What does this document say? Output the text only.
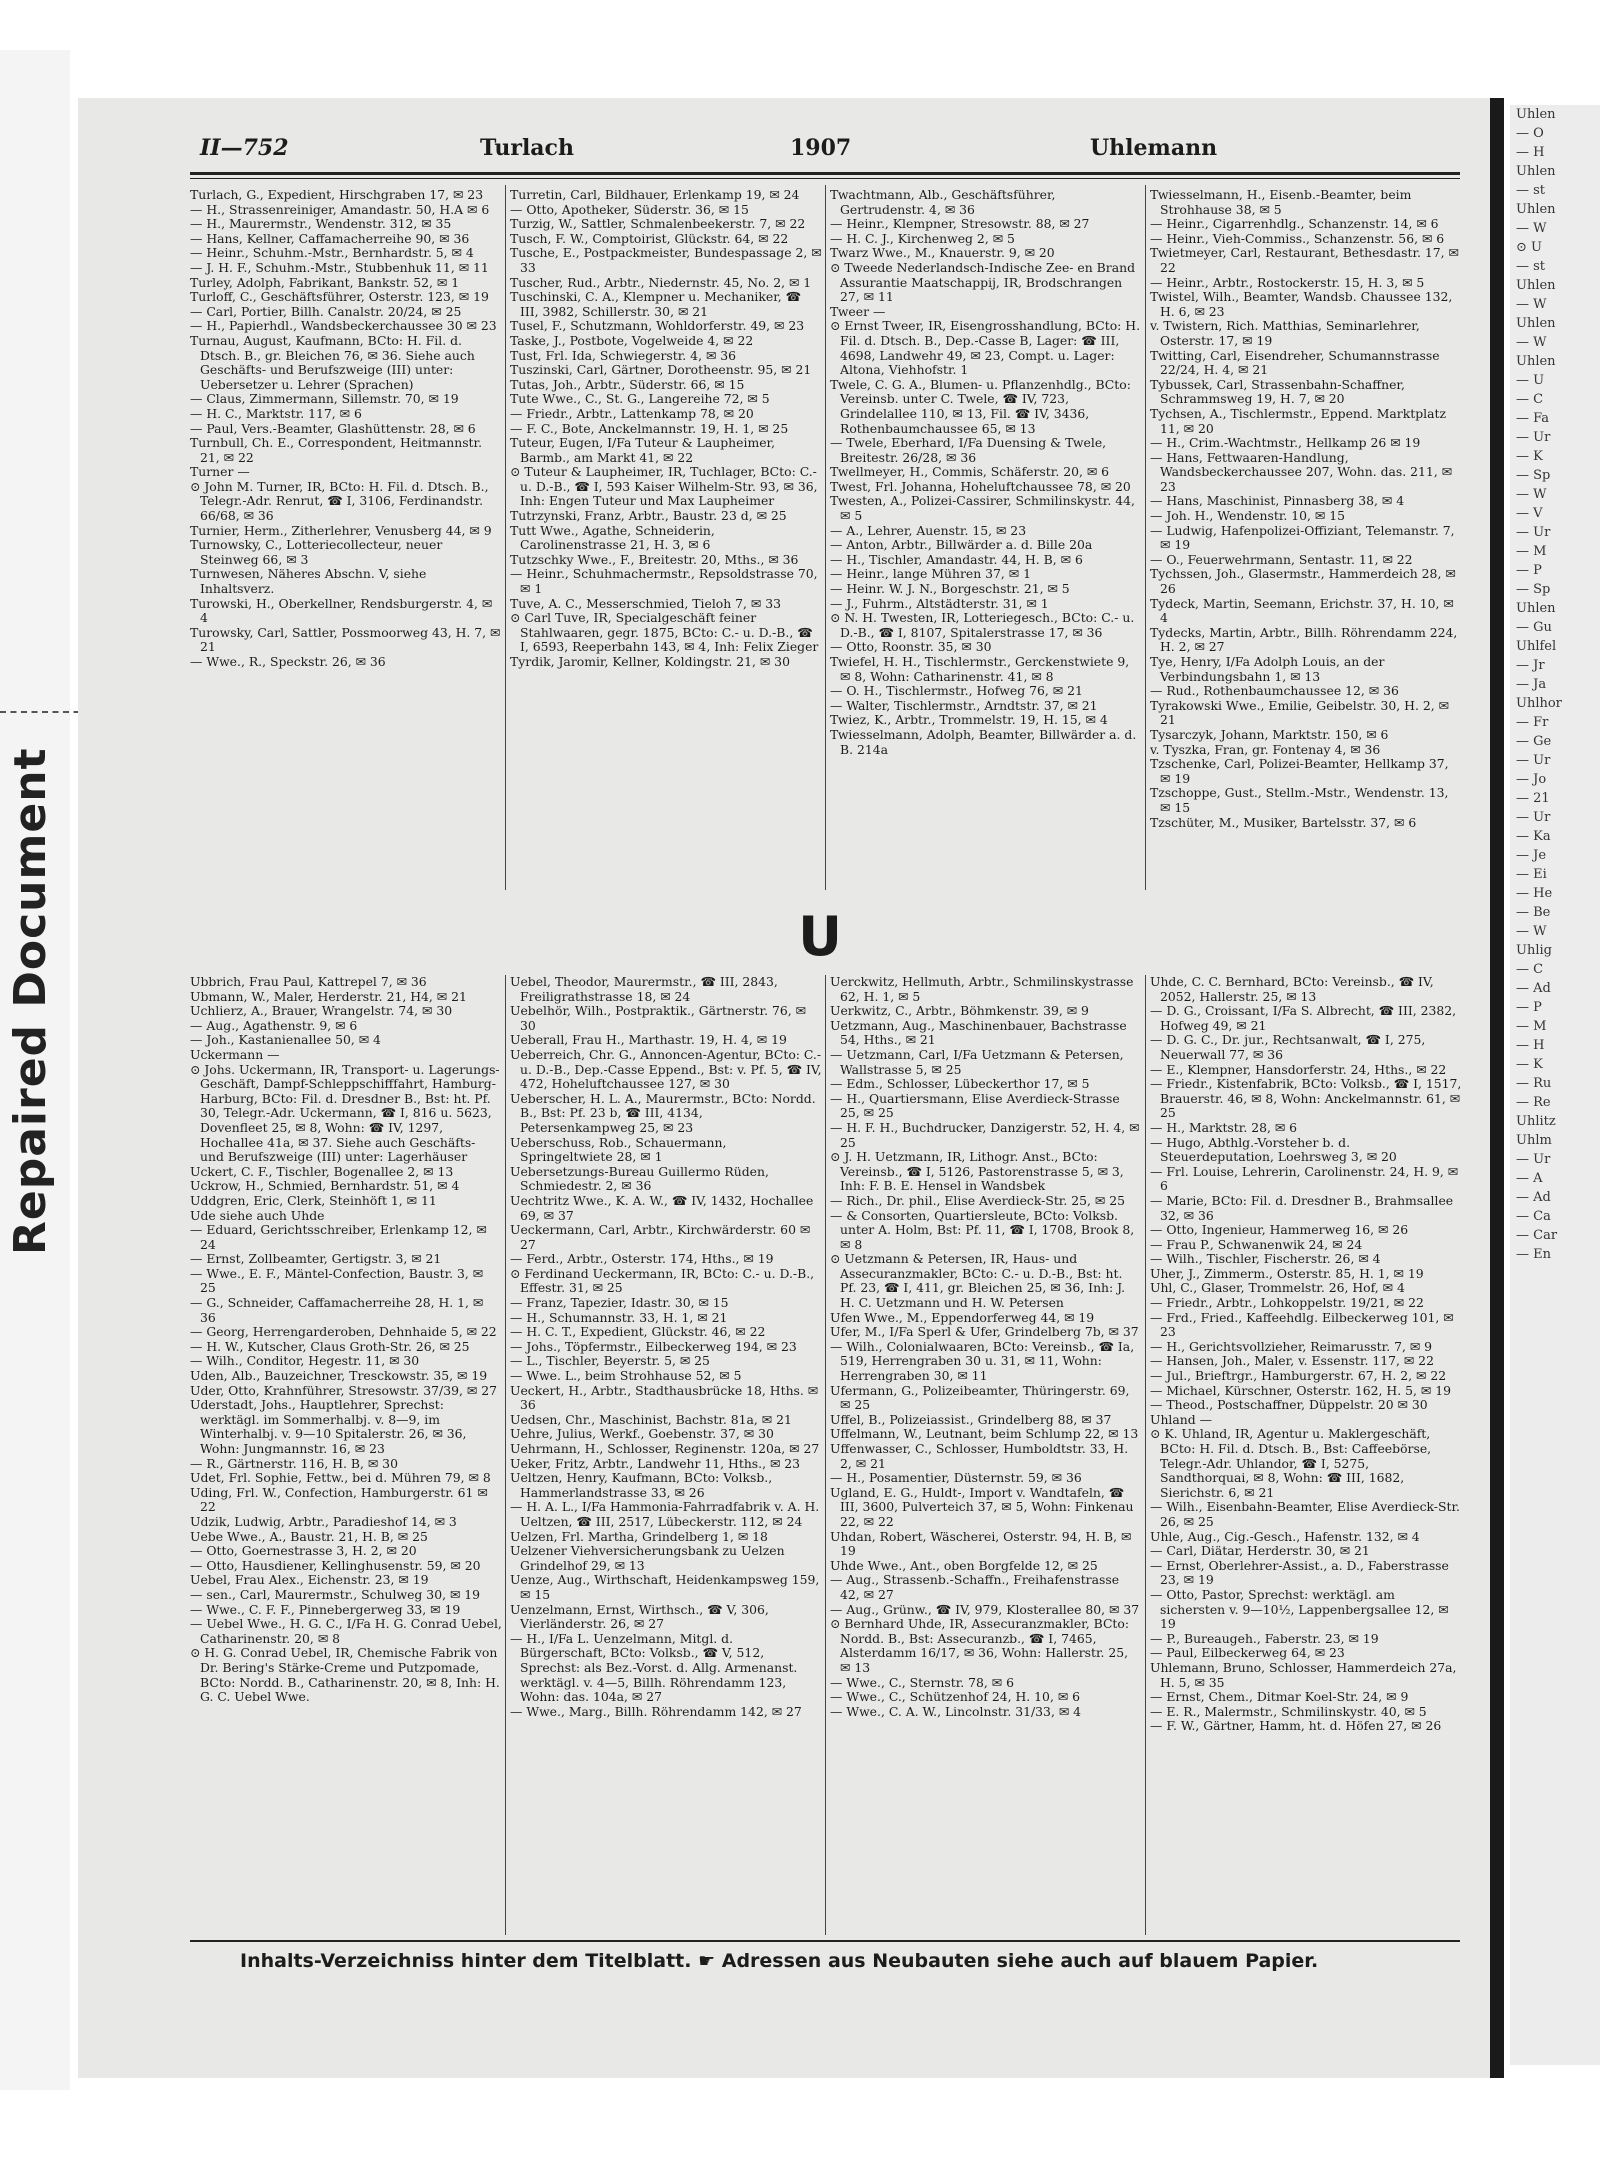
Repaired Document
Uhlen
— O
— H
Uhlen
— st
Uhlen
— W
⊙ U
— st
Uhlen
— W
Uhlen
— W
Uhlen
— U
— C
— Fa
— Ur
— K
— Sp
— W
— V
— Ur
— M
— P
— Sp
Uhlen
— Gu
Uhlfel
— Jr
— Ja
Uhlhor
— Fr
— Ge
— Ur
— Jo
— 21
— Ur
— Ka
— Je
— Ei
— He
— Be
— W
Uhlig
— C
— Ad
— P
— M
— H
— K
— Ru
— Re
Uhlitz
Uhlm
— Ur
— A
— Ad
— Ca
— Car
— En
II—752	Turlach	1907	Uhlemann

Turlach, G., Expedient, Hirschgraben 17, ✉ 23

— H., Strassenreiniger, Amandastr. 50, H.A ✉ 6

— H., Maurermstr., Wendenstr. 312, ✉ 35

— Hans, Kellner, Caffamacherreihe 90, ✉ 36

— Heinr., Schuhm.-Mstr., Bernhardstr. 5, ✉ 4

— J. H. F., Schuhm.-Mstr., Stubbenhuk 11, ✉ 11

Turley, Adolph, Fabrikant, Bankstr. 52, ✉ 1

Turloff, C., Geschäftsführer, Osterstr. 123, ✉ 19

— Carl, Portier, Billh. Canalstr. 20/24, ✉ 25

— H., Papierhdl., Wandsbeckerchaussee 30 ✉ 23

Turnau, August, Kaufmann, BCto: H. Fil. d. Dtsch. B., gr. Bleichen 76, ✉ 36. Siehe auch Geschäfts- und Berufszweige (III) unter: Uebersetzer u. Lehrer (Sprachen)

— Claus, Zimmermann, Sillemstr. 70, ✉ 19

— H. C., Marktstr. 117, ✉ 6

— Paul, Vers.-Beamter, Glashüttenstr. 28, ✉ 6

Turnbull, Ch. E., Correspondent, Heitmannstr. 21, ✉ 22

Turner —

⊙ John M. Turner, IR, BCto: H. Fil. d. Dtsch. B., Telegr.-Adr. Renrut, ☎ I, 3106, Ferdinandstr. 66/68, ✉ 36

Turnier, Herm., Zitherlehrer, Venusberg 44, ✉ 9

Turnowsky, C., Lotteriecollecteur, neuer Steinweg 66, ✉ 3

Turnwesen, Näheres Abschn. V, siehe Inhaltsverz.

Turowski, H., Oberkellner, Rendsburgerstr. 4, ✉ 4

Turowsky, Carl, Sattler, Possmoorweg 43, H. 7, ✉ 21

— Wwe., R., Speckstr. 26, ✉ 36

Turretin, Carl, Bildhauer, Erlenkamp 19, ✉ 24

— Otto, Apotheker, Süderstr. 36, ✉ 15

Turzig, W., Sattler, Schmalenbeekerstr. 7, ✉ 22

Tusch, F. W., Comptoirist, Glückstr. 64, ✉ 22

Tusche, E., Postpackmeister, Bundespassage 2, ✉ 33

Tuscher, Rud., Arbtr., Niedernstr. 45, No. 2, ✉ 1

Tuschinski, C. A., Klempner u. Mechaniker, ☎ III, 3982, Schillerstr. 30, ✉ 21

Tusel, F., Schutzmann, Wohldorferstr. 49, ✉ 23

Taske, J., Postbote, Vogelweide 4, ✉ 22

Tust, Frl. Ida, Schwiegerstr. 4, ✉ 36

Tuszinski, Carl, Gärtner, Dorotheenstr. 95, ✉ 21

Tutas, Joh., Arbtr., Süderstr. 66, ✉ 15

Tute Wwe., C., St. G., Langereihe 72, ✉ 5

— Friedr., Arbtr., Lattenkamp 78, ✉ 20

— F. C., Bote, Anckelmannstr. 19, H. 1, ✉ 25

Tuteur, Eugen, I/Fa Tuteur & Laupheimer, Barmb., am Markt 41, ✉ 22

⊙ Tuteur & Laupheimer, IR, Tuchlager, BCto: C.- u. D.-B., ☎ I, 593 Kaiser Wilhelm-Str. 93, ✉ 36, Inh: Engen Tuteur und Max Laupheimer

Tutrzynski, Franz, Arbtr., Baustr. 23 d, ✉ 25

Tutt Wwe., Agathe, Schneiderin, Carolinenstrasse 21, H. 3, ✉ 6

Tutzschky Wwe., F., Breitestr. 20, Mths., ✉ 36

— Heinr., Schuhmachermstr., Repsoldstrasse 70, ✉ 1

Tuve, A. C., Messerschmied, Tieloh 7, ✉ 33

⊙ Carl Tuve, IR, Specialgeschäft feiner Stahlwaaren, gegr. 1875, BCto: C.- u. D.-B., ☎ I, 6593, Reeperbahn 143, ✉ 4, Inh: Felix Zieger

Tyrdik, Jaromir, Kellner, Koldingstr. 21, ✉ 30

Twachtmann, Alb., Geschäftsführer, Gertrudenstr. 4, ✉ 36

— Heinr., Klempner, Stresowstr. 88, ✉ 27

— H. C. J., Kirchenweg 2, ✉ 5

Twarz Wwe., M., Knauerstr. 9, ✉ 20

⊙ Tweede Nederlandsch-Indische Zee- en Brand Assurantie Maatschappij, IR, Brodschrangen 27, ✉ 11

Tweer —

⊙ Ernst Tweer, IR, Eisengrosshandlung, BCto: H. Fil. d. Dtsch. B., Dep.-Casse B, Lager: ☎ III, 4698, Landwehr 49, ✉ 23, Compt. u. Lager: Altona, Viehhofstr. 1

Twele, C. G. A., Blumen- u. Pflanzenhdlg., BCto: Vereinsb. unter C. Twele, ☎ IV, 723, Grindelallee 110, ✉ 13, Fil. ☎ IV, 3436, Rothenbaumchaussee 65, ✉ 13

— Twele, Eberhard, I/Fa Duensing & Twele, Breitestr. 26/28, ✉ 36

Twellmeyer, H., Commis, Schäferstr. 20, ✉ 6

Twest, Frl. Johanna, Hoheluftchaussee 78, ✉ 20

Twesten, A., Polizei-Cassirer, Schmilinskystr. 44, ✉ 5

— A., Lehrer, Auenstr. 15, ✉ 23

— Anton, Arbtr., Billwärder a. d. Bille 20a

— H., Tischler, Amandastr. 44, H. B, ✉ 6

— Heinr., lange Mühren 37, ✉ 1

— Heinr. W. J. N., Borgeschstr. 21, ✉ 5

— J., Fuhrm., Altstädterstr. 31, ✉ 1

⊙ N. H. Twesten, IR, Lotteriegesch., BCto: C.- u. D.-B., ☎ I, 8107, Spitalerstrasse 17, ✉ 36

— Otto, Roonstr. 35, ✉ 30

Twiefel, H. H., Tischlermstr., Gerckenstwiete 9, ✉ 8, Wohn: Catharinenstr. 41, ✉ 8

— O. H., Tischlermstr., Hofweg 76, ✉ 21

— Walter, Tischlermstr., Arndtstr. 37, ✉ 21

Twiez, K., Arbtr., Trommelstr. 19, H. 15, ✉ 4

Twiesselmann, Adolph, Beamter, Billwärder a. d. B. 214a

Twiesselmann, H., Eisenb.-Beamter, beim Strohhause 38, ✉ 5

— Heinr., Cigarrenhdlg., Schanzenstr. 14, ✉ 6

— Heinr., Vieh-Commiss., Schanzenstr. 56, ✉ 6

Twietmeyer, Carl, Restaurant, Bethesdastr. 17, ✉ 22

— Heinr., Arbtr., Rostockerstr. 15, H. 3, ✉ 5

Twistel, Wilh., Beamter, Wandsb. Chaussee 132, H. 6, ✉ 23

v. Twistern, Rich. Matthias, Seminarlehrer, Osterstr. 17, ✉ 19

Twitting, Carl, Eisendreher, Schumannstrasse 22/24, H. 4, ✉ 21

Tybussek, Carl, Strassenbahn-Schaffner, Schrammsweg 19, H. 7, ✉ 20

Tychsen, A., Tischlermstr., Eppend. Marktplatz 11, ✉ 20

— H., Crim.-Wachtmstr., Hellkamp 26 ✉ 19

— Hans, Fettwaaren-Handlung, Wandsbeckerchaussee 207, Wohn. das. 211, ✉ 23

— Hans, Maschinist, Pinnasberg 38, ✉ 4

— Joh. H., Wendenstr. 10, ✉ 15

— Ludwig, Hafenpolizei-Offiziant, Telemanstr. 7, ✉ 19

— O., Feuerwehrmann, Sentastr. 11, ✉ 22

Tychssen, Joh., Glasermstr., Hammerdeich 28, ✉ 26

Tydeck, Martin, Seemann, Erichstr. 37, H. 10, ✉ 4

Tydecks, Martin, Arbtr., Billh. Röhrendamm 224, H. 2, ✉ 27

Tye, Henry, I/Fa Adolph Louis, an der Verbindungsbahn 1, ✉ 13

— Rud., Rothenbaumchaussee 12, ✉ 36

Tyrakowski Wwe., Emilie, Geibelstr. 30, H. 2, ✉ 21

Tysarczyk, Johann, Marktstr. 150, ✉ 6

v. Tyszka, Fran, gr. Fontenay 4, ✉ 36

Tzschenke, Carl, Polizei-Beamter, Hellkamp 37, ✉ 19

Tzschoppe, Gust., Stellm.-Mstr., Wendenstr. 13, ✉ 15

Tzschüter, M., Musiker, Bartelsstr. 37, ✉ 6

U

Ubbrich, Frau Paul, Kattrepel 7, ✉ 36

Ubmann, W., Maler, Herderstr. 21, H4, ✉ 21

Uchlierz, A., Brauer, Wrangelstr. 74, ✉ 30

— Aug., Agathenstr. 9, ✉ 6

— Joh., Kastanienallee 50, ✉ 4

Uckermann —

⊙ Johs. Uckermann, IR, Transport- u. Lagerungs-Geschäft, Dampf-Schleppschifffahrt, Hamburg-Harburg, BCto: Fil. d. Dresdner B., Bst: ht. Pf. 30, Telegr.-Adr. Uckermann, ☎ I, 816 u. 5623, Dovenfleet 25, ✉ 8, Wohn: ☎ IV, 1297, Hochallee 41a, ✉ 37. Siehe auch Geschäfts- und Berufszweige (III) unter: Lagerhäuser

Uckert, C. F., Tischler, Bogenallee 2, ✉ 13

Uckrow, H., Schmied, Bernhardstr. 51, ✉ 4

Uddgren, Eric, Clerk, Steinhöft 1, ✉ 11

Ude siehe auch Uhde

— Eduard, Gerichtsschreiber, Erlenkamp 12, ✉ 24

— Ernst, Zollbeamter, Gertigstr. 3, ✉ 21

— Wwe., E. F., Mäntel-Confection, Baustr. 3, ✉ 25

— G., Schneider, Caffamacherreihe 28, H. 1, ✉ 36

— Georg, Herrengarderoben, Dehnhaide 5, ✉ 22

— H. W., Kutscher, Claus Groth-Str. 26, ✉ 25

— Wilh., Conditor, Hegestr. 11, ✉ 30

Uden, Alb., Bauzeichner, Tresckowstr. 35, ✉ 19

Uder, Otto, Krahnführer, Stresowstr. 37/39, ✉ 27

Uderstadt, Johs., Hauptlehrer, Sprechst: werktägl. im Sommerhalbj. v. 8—9, im Winterhalbj. v. 9—10 Spitalerstr. 26, ✉ 36, Wohn: Jungmannstr. 16, ✉ 23

— R., Gärtnerstr. 116, H. B, ✉ 30

Udet, Frl. Sophie, Fettw., bei d. Mühren 79, ✉ 8

Uding, Frl. W., Confection, Hamburgerstr. 61 ✉ 22

Udzik, Ludwig, Arbtr., Paradieshof 14, ✉ 3

Uebe Wwe., A., Baustr. 21, H. B, ✉ 25

— Otto, Goernestrasse 3, H. 2, ✉ 20

— Otto, Hausdiener, Kellinghusenstr. 59, ✉ 20

Uebel, Frau Alex., Eichenstr. 23, ✉ 19

— sen., Carl, Maurermstr., Schulweg 30, ✉ 19

— Wwe., C. F. F., Pinnebergerweg 33, ✉ 19

— Uebel Wwe., H. G. C., I/Fa H. G. Conrad Uebel, Catharinenstr. 20, ✉ 8

⊙ H. G. Conrad Uebel, IR, Chemische Fabrik von Dr. Bering's Stärke-Creme und Putzpomade, BCto: Nordd. B., Catharinenstr. 20, ✉ 8, Inh: H. G. C. Uebel Wwe.

Uebel, Theodor, Maurermstr., ☎ III, 2843, Freiligrathstrasse 18, ✉ 24

Uebelhör, Wilh., Postpraktik., Gärtnerstr. 76, ✉ 30

Ueberall, Frau H., Marthastr. 19, H. 4, ✉ 19

Ueberreich, Chr. G., Annoncen-Agentur, BCto: C.- u. D.-B., Dep.-Casse Eppend., Bst: v. Pf. 5, ☎ IV, 472, Hoheluftchaussee 127, ✉ 30

Ueberscher, H. L. A., Maurermstr., BCto: Nordd. B., Bst: Pf. 23 b, ☎ III, 4134, Petersenkampweg 25, ✉ 23

Ueberschuss, Rob., Schauermann, Springeltwiete 28, ✉ 1

Uebersetzungs-Bureau Guillermo Rüden, Schmiedestr. 2, ✉ 36

Uechtritz Wwe., K. A. W., ☎ IV, 1432, Hochallee 69, ✉ 37

Ueckermann, Carl, Arbtr., Kirchwärderstr. 60 ✉ 27

— Ferd., Arbtr., Osterstr. 174, Hths., ✉ 19

⊙ Ferdinand Ueckermann, IR, BCto: C.- u. D.-B., Effestr. 31, ✉ 25

— Franz, Tapezier, Idastr. 30, ✉ 15

— H., Schumannstr. 33, H. 1, ✉ 21

— H. C. T., Expedient, Glückstr. 46, ✉ 22

— Johs., Töpfermstr., Eilbeckerweg 194, ✉ 23

— L., Tischler, Beyerstr. 5, ✉ 25

— Wwe. L., beim Strohhause 52, ✉ 5

Ueckert, H., Arbtr., Stadthausbrücke 18, Hths. ✉ 36

Uedsen, Chr., Maschinist, Bachstr. 81a, ✉ 21

Uehre, Julius, Werkf., Goebenstr. 37, ✉ 30

Uehrmann, H., Schlosser, Reginenstr. 120a, ✉ 27

Ueker, Fritz, Arbtr., Landwehr 11, Hths., ✉ 23

Ueltzen, Henry, Kaufmann, BCto: Volksb., Hammerlandstrasse 33, ✉ 26

— H. A. L., I/Fa Hammonia-Fahrradfabrik v. A. H. Ueltzen, ☎ III, 2517, Lübeckerstr. 112, ✉ 24

Uelzen, Frl. Martha, Grindelberg 1, ✉ 18

Uelzener Viehversicherungsbank zu Uelzen Grindelhof 29, ✉ 13

Uenze, Aug., Wirthschaft, Heidenkampsweg 159, ✉ 15

Uenzelmann, Ernst, Wirthsch., ☎ V, 306, Vierländerstr. 26, ✉ 27

— H., I/Fa L. Uenzelmann, Mitgl. d. Bürgerschaft, BCto: Volksb., ☎ V, 512, Sprechst: als Bez.-Vorst. d. Allg. Armenanst. werktägl. v. 4—5, Billh. Röhrendamm 123, Wohn: das. 104a, ✉ 27

— Wwe., Marg., Billh. Röhrendamm 142, ✉ 27

Uerckwitz, Hellmuth, Arbtr., Schmilinskystrasse 62, H. 1, ✉ 5

Uerkwitz, C., Arbtr., Böhmkenstr. 39, ✉ 9

Uetzmann, Aug., Maschinenbauer, Bachstrasse 54, Hths., ✉ 21

— Uetzmann, Carl, I/Fa Uetzmann & Petersen, Wallstrasse 5, ✉ 25

— Edm., Schlosser, Lübeckerthor 17, ✉ 5

— H., Quartiersmann, Elise Averdieck-Strasse 25, ✉ 25

— H. F. H., Buchdrucker, Danzigerstr. 52, H. 4, ✉ 25

⊙ J. H. Uetzmann, IR, Lithogr. Anst., BCto: Vereinsb., ☎ I, 5126, Pastorenstrasse 5, ✉ 3, Inh: F. B. E. Hensel in Wandsbek

— Rich., Dr. phil., Elise Averdieck-Str. 25, ✉ 25

— & Consorten, Quartiersleute, BCto: Volksb. unter A. Holm, Bst: Pf. 11, ☎ I, 1708, Brook 8, ✉ 8

⊙ Uetzmann & Petersen, IR, Haus- und Assecuranzmakler, BCto: C.- u. D.-B., Bst: ht. Pf. 23, ☎ I, 411, gr. Bleichen 25, ✉ 36, Inh: J. H. C. Uetzmann und H. W. Petersen

Ufen Wwe., M., Eppendorferweg 44, ✉ 19

Ufer, M., I/Fa Sperl & Ufer, Grindelberg 7b, ✉ 37

— Wilh., Colonialwaaren, BCto: Vereinsb., ☎ Ia, 519, Herrengraben 30 u. 31, ✉ 11, Wohn: Herrengraben 30, ✉ 11

Ufermann, G., Polizeibeamter, Thüringerstr. 69, ✉ 25

Uffel, B., Polizeiassist., Grindelberg 88, ✉ 37

Uffelmann, W., Leutnant, beim Schlump 22, ✉ 13

Uffenwasser, C., Schlosser, Humboldtstr. 33, H. 2, ✉ 21

— H., Posamentier, Düsternstr. 59, ✉ 36

Ugland, E. G., Huldt-, Import v. Wandtafeln, ☎ III, 3600, Pulverteich 37, ✉ 5, Wohn: Finkenau 22, ✉ 22

Uhdan, Robert, Wäscherei, Osterstr. 94, H. B, ✉ 19

Uhde Wwe., Ant., oben Borgfelde 12, ✉ 25

— Aug., Strassenb.-Schaffn., Freihafenstrasse 42, ✉ 27

— Aug., Grünw., ☎ IV, 979, Klosterallee 80, ✉ 37

⊙ Bernhard Uhde, IR, Assecuranzmakler, BCto: Nordd. B., Bst: Assecuranzb., ☎ I, 7465, Alsterdamm 16/17, ✉ 36, Wohn: Hallerstr. 25, ✉ 13

— Wwe., C., Sternstr. 78, ✉ 6

— Wwe., C., Schützenhof 24, H. 10, ✉ 6

— Wwe., C. A. W., Lincolnstr. 31/33, ✉ 4

Uhde, C. C. Bernhard, BCto: Vereinsb., ☎ IV, 2052, Hallerstr. 25, ✉ 13

— D. G., Croissant, I/Fa S. Albrecht, ☎ III, 2382, Hofweg 49, ✉ 21

— D. G. C., Dr. jur., Rechtsanwalt, ☎ I, 275, Neuerwall 77, ✉ 36

— E., Klempner, Hansdorferstr. 24, Hths., ✉ 22

— Friedr., Kistenfabrik, BCto: Volksb., ☎ I, 1517, Brauerstr. 46, ✉ 8, Wohn: Anckelmannstr. 61, ✉ 25

— H., Marktstr. 28, ✉ 6

— Hugo, Abthlg.-Vorsteher b. d. Steuerdeputation, Loehrsweg 3, ✉ 20

— Frl. Louise, Lehrerin, Carolinenstr. 24, H. 9, ✉ 6

— Marie, BCto: Fil. d. Dresdner B., Brahmsallee 32, ✉ 36

— Otto, Ingenieur, Hammerweg 16, ✉ 26

— Frau P., Schwanenwik 24, ✉ 24

— Wilh., Tischler, Fischerstr. 26, ✉ 4

Uher, J., Zimmerm., Osterstr. 85, H. 1, ✉ 19

Uhl, C., Glaser, Trommelstr. 26, Hof, ✉ 4

— Friedr., Arbtr., Lohkoppelstr. 19/21, ✉ 22

— Frd., Fried., Kaffeehdlg. Eilbeckerweg 101, ✉ 23

— H., Gerichtsvollzieher, Reimarusstr. 7, ✉ 9

— Hansen, Joh., Maler, v. Essenstr. 117, ✉ 22

— Jul., Brieftrgr., Hamburgerstr. 67, H. 2, ✉ 22

— Michael, Kürschner, Osterstr. 162, H. 5, ✉ 19

— Theod., Postschaffner, Düppelstr. 20 ✉ 30

Uhland —

⊙ K. Uhland, IR, Agentur u. Maklergeschäft, BCto: H. Fil. d. Dtsch. B., Bst: Caffeebörse, Telegr.-Adr. Uhlandor, ☎ I, 5275, Sandthorquai, ✉ 8, Wohn: ☎ III, 1682, Sierichstr. 6, ✉ 21

— Wilh., Eisenbahn-Beamter, Elise Averdieck-Str. 26, ✉ 25

Uhle, Aug., Cig.-Gesch., Hafenstr. 132, ✉ 4

— Carl, Diätar, Herderstr. 30, ✉ 21

— Ernst, Oberlehrer-Assist., a. D., Faberstrasse 23, ✉ 19

— Otto, Pastor, Sprechst: werktägl. am sichersten v. 9—10½, Lappenbergsallee 12, ✉ 19

— P., Bureaugeh., Faberstr. 23, ✉ 19

— Paul, Eilbeckerweg 64, ✉ 23

Uhlemann, Bruno, Schlosser, Hammerdeich 27a, H. 5, ✉ 35

— Ernst, Chem., Ditmar Koel-Str. 24, ✉ 9

— E. R., Malermstr., Schmilinskystr. 40, ✉ 5

— F. W., Gärtner, Hamm, ht. d. Höfen 27, ✉ 26

Inhalts-Verzeichniss hinter dem Titelblatt. ☛ Adressen aus Neubauten siehe auch auf blauem Papier.
